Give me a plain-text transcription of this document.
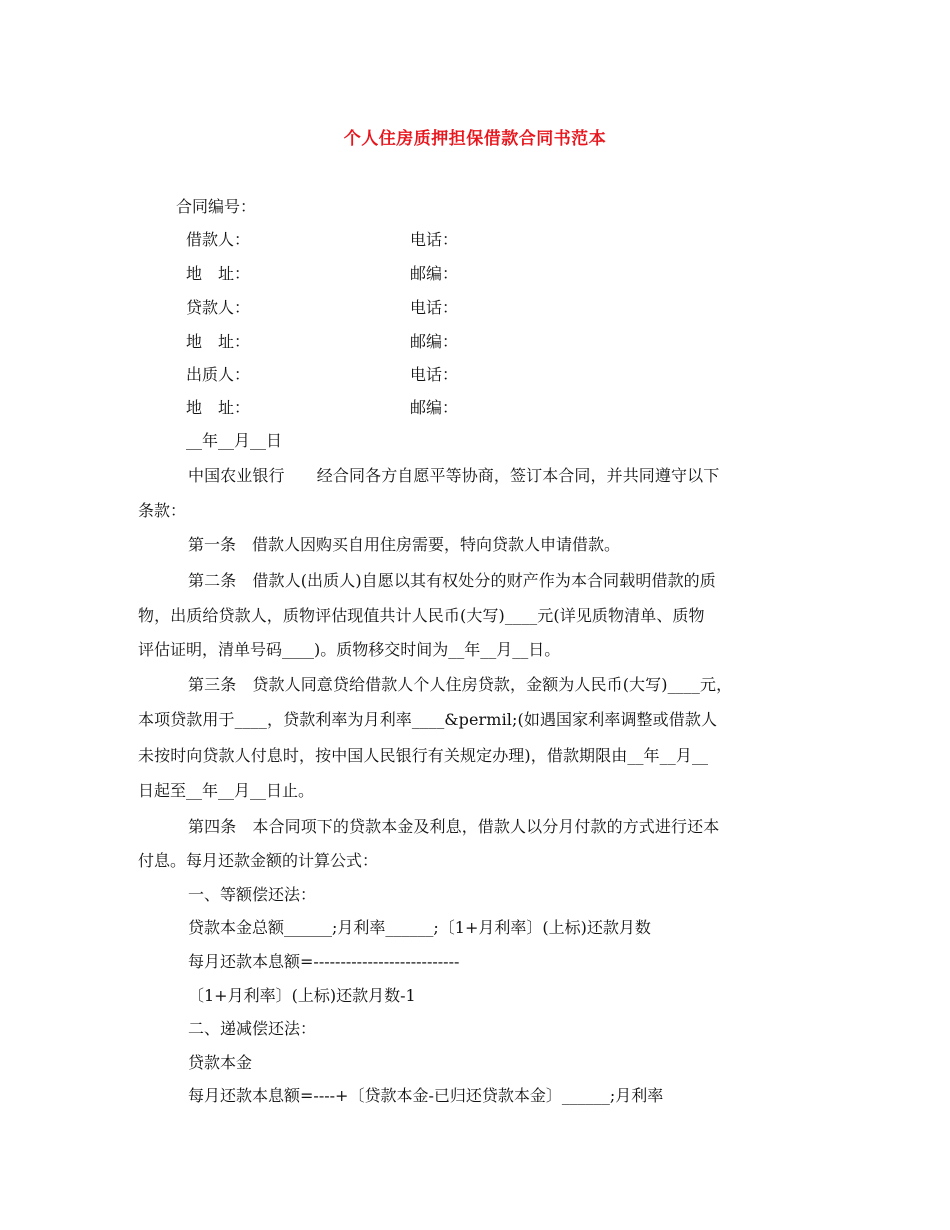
个人住房质押担保借款合同书范本
合同编号：
借款人：	电话：
地　址：	邮编：
贷款人：	电话：
地　址：	邮编：
出质人：	电话：
地　址：	邮编：
__年__月__日
中国农业银行　　经合同各方自愿平等协商，签订本合同，并共同遵守以下
条款：
第一条　借款人因购买自用住房需要，特向贷款人申请借款。
第二条　借款人(出质人)自愿以其有权处分的财产作为本合同载明借款的质
物，出质给贷款人，质物评估现值共计人民币(大写)____元(详见质物清单、质物
评估证明，清单号码____)。质物移交时间为__年__月__日。
第三条　贷款人同意贷给借款人个人住房贷款，金额为人民币(大写)____元，
本项贷款用于____，贷款利率为月利率____&permil;(如遇国家利率调整或借款人
未按时向贷款人付息时，按中国人民银行有关规定办理)，借款期限由__年__月__
日起至__年__月__日止。
第四条　本合同项下的贷款本金及利息，借款人以分月付款的方式进行还本
付息。每月还款金额的计算公式：
一、等额偿还法：
贷款本金总额______;月利率______;〔1+月利率〕(上标)还款月数
每月还款本息额=---------------------------
〔1+月利率〕(上标)还款月数-1
二、递减偿还法：
贷款本金
每月还款本息额=----+〔贷款本金-已归还贷款本金〕______;月利率
